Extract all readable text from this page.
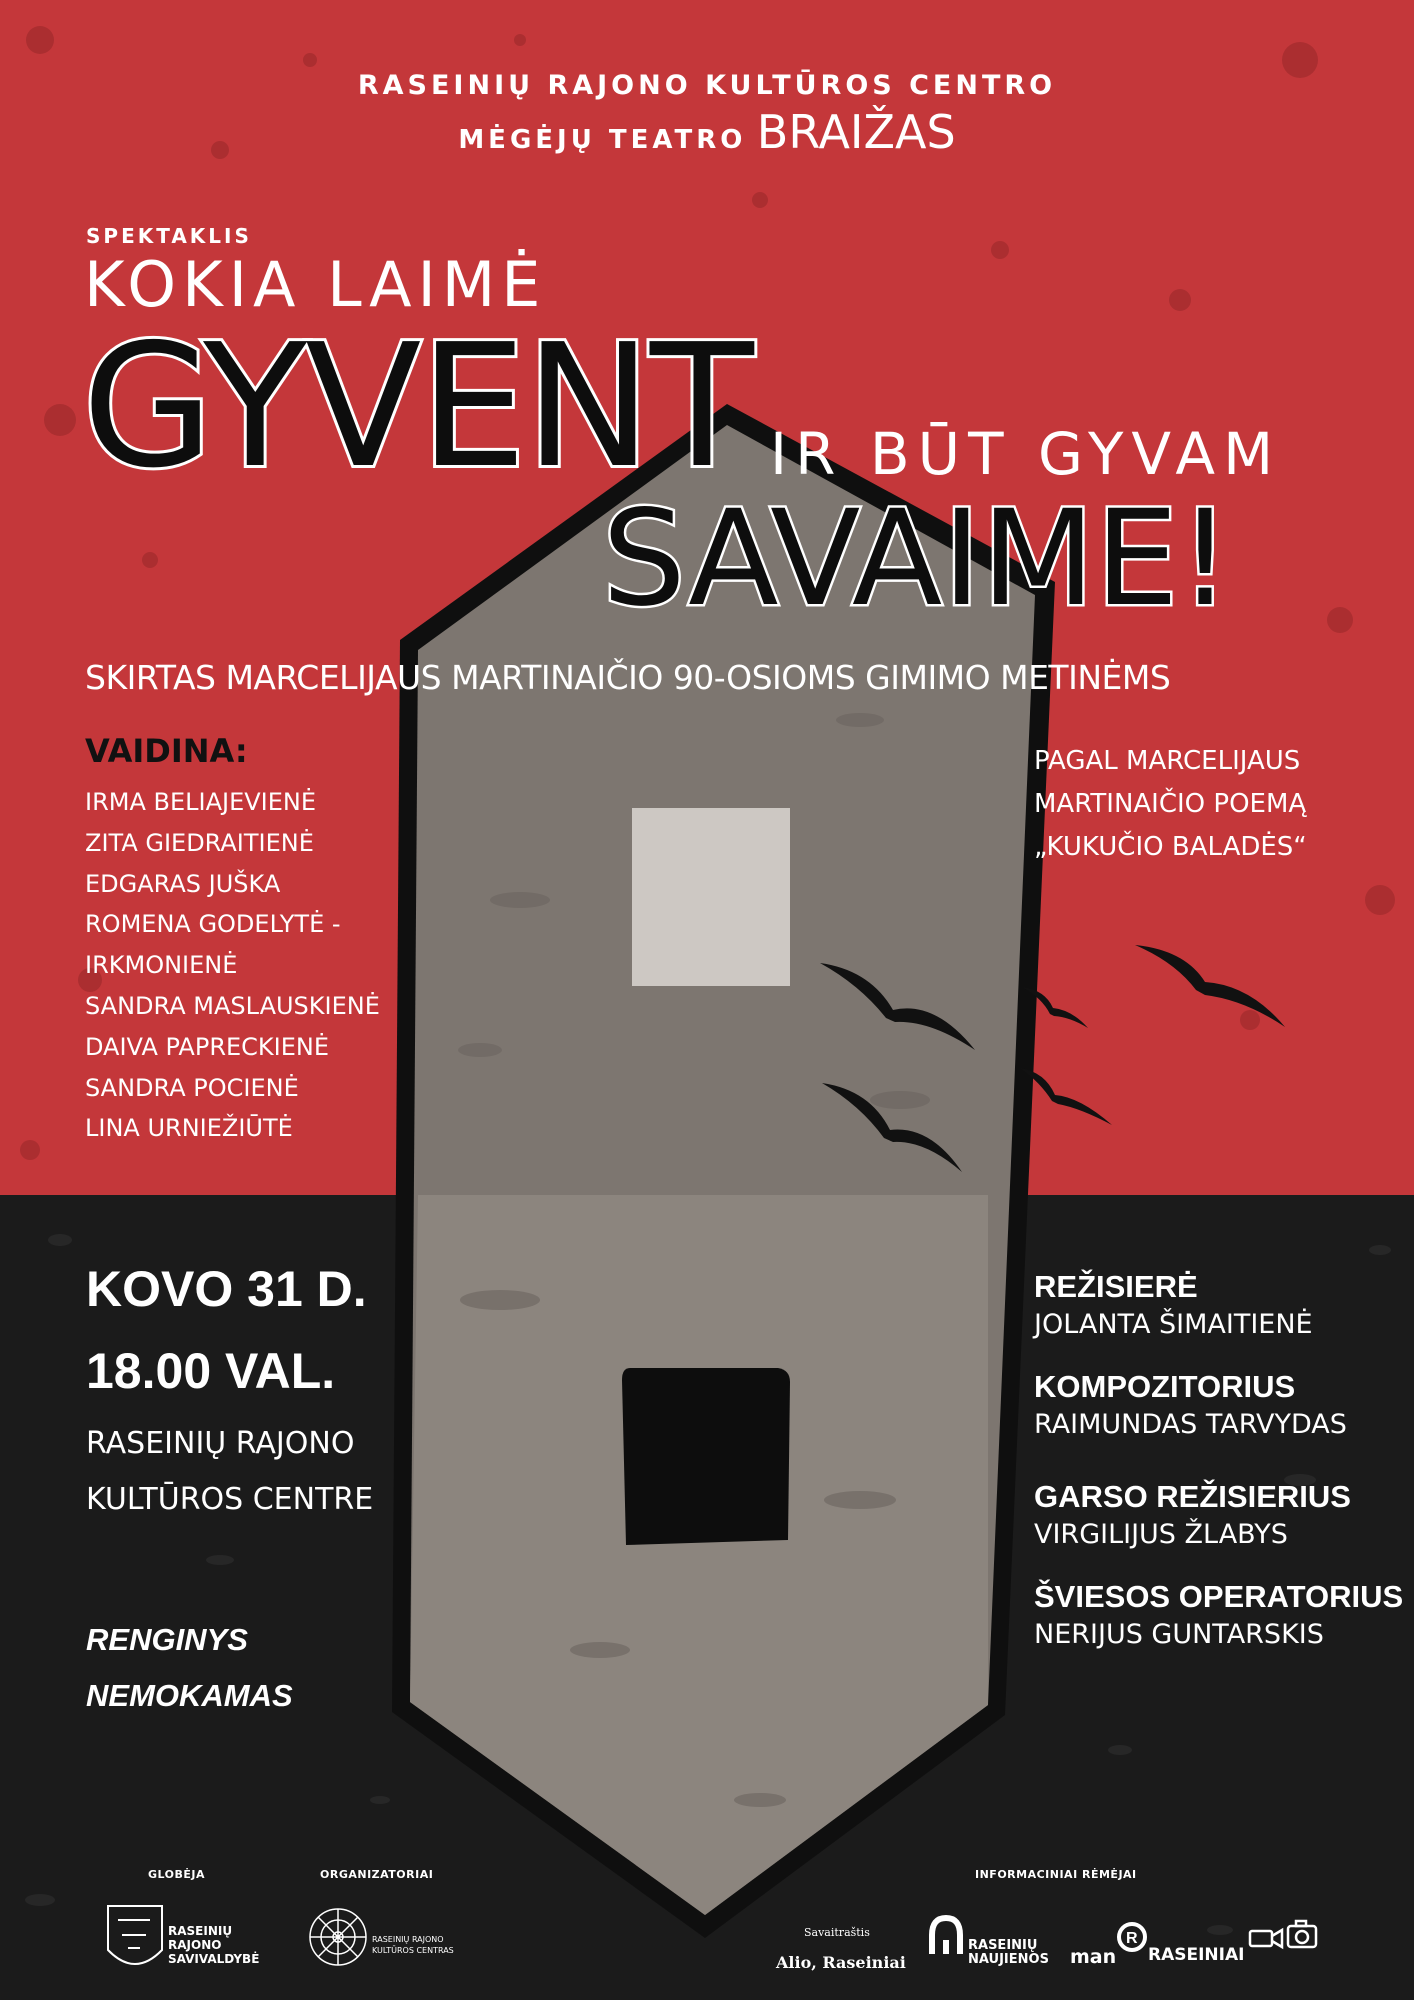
RASEINIŲ RAJONO KULTŪROS CENTRO

MĖGĖJŲ TEATRO BRAIŽAS

SPEKTAKLIS

KOKIA LAIMĖ

GYVENT IR BŪT GYVAM

SAVAIME!

SKIRTAS MARCELIJAUS MARTINAIČIO 90-OSIOMS GIMIMO METINĖMS

VAIDINA:

IRMA BELIAJEVIENĖ
ZITA GIEDRAITIENĖ
EDGARAS JUŠKA
ROMENA GODELYTĖ -
IRKMONIENĖ
SANDRA MASLAUSKIENĖ
DAIVA PAPRECKIENĖ
SANDRA POCIENĖ
LINA URNIEŽIŪTĖ
PAGAL MARCELIJAUS
MARTINAIČIO POEMĄ
„KUKUČIO BALADĖS“

KOVO 31 D.

18.00 VAL.

RASEINIŲ RAJONO

KULTŪROS CENTRE

RENGINYS

NEMOKAMAS

REŽISIERĖ
JOLANTA ŠIMAITIENĖ
KOMPOZITORIUS
RAIMUNDAS TARVYDAS
GARSO REŽISIERIUS
VIRGILIJUS ŽLABYS
ŠVIESOS OPERATORIUS
NERIJUS GUNTARSKIS

GLOBĖJA	ORGANIZATORIAI	INFORMACINIAI RĖMĖJAI

R

RASEINIŲ
RAJONO
SAVIVALDYBĖ

RASEINIŲ RAJONO
KULTŪROS CENTRAS

Savaitraštis

Alio, Raseiniai

RASEINIŲ
NAUJIENOS man RASEINIAI
